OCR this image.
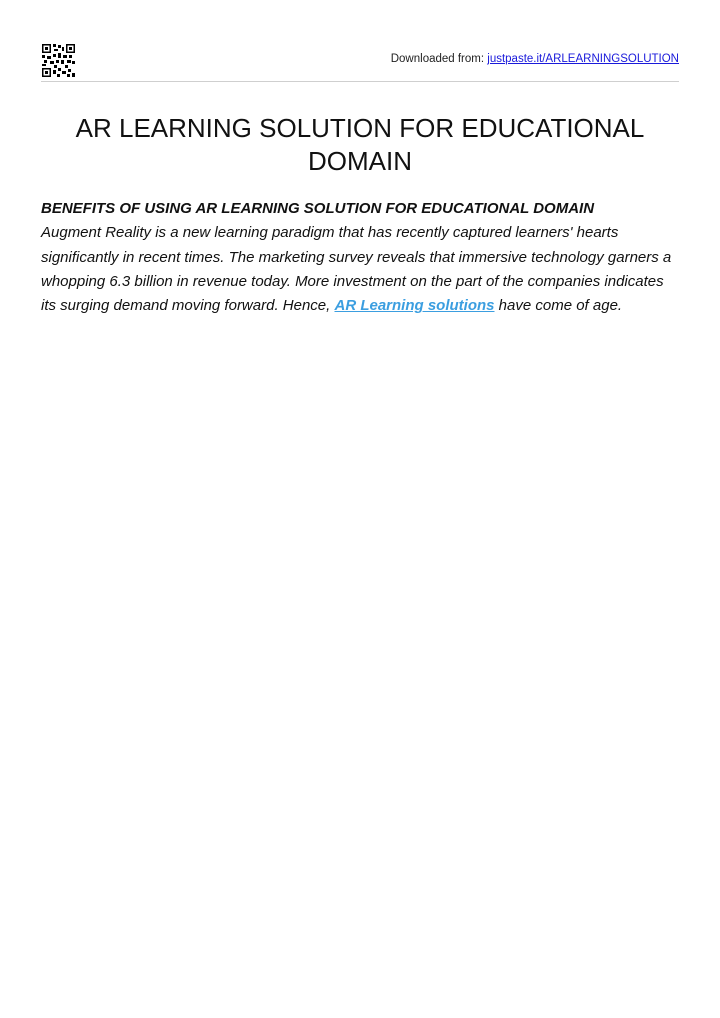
Downloaded from: justpaste.it/ARLEARNINGSOLUTION
AR LEARNING SOLUTION FOR EDUCATIONAL DOMAIN

BENEFITS OF USING AR LEARNING SOLUTION FOR EDUCATIONAL DOMAIN

Augment Reality is a new learning paradigm that has recently captured learners' hearts significantly in recent times. The marketing survey reveals that immersive technology garners a whopping 6.3 billion in revenue today. More investment on the part of the companies indicates its surging demand moving forward. Hence, AR Learning solutions have come of age.
